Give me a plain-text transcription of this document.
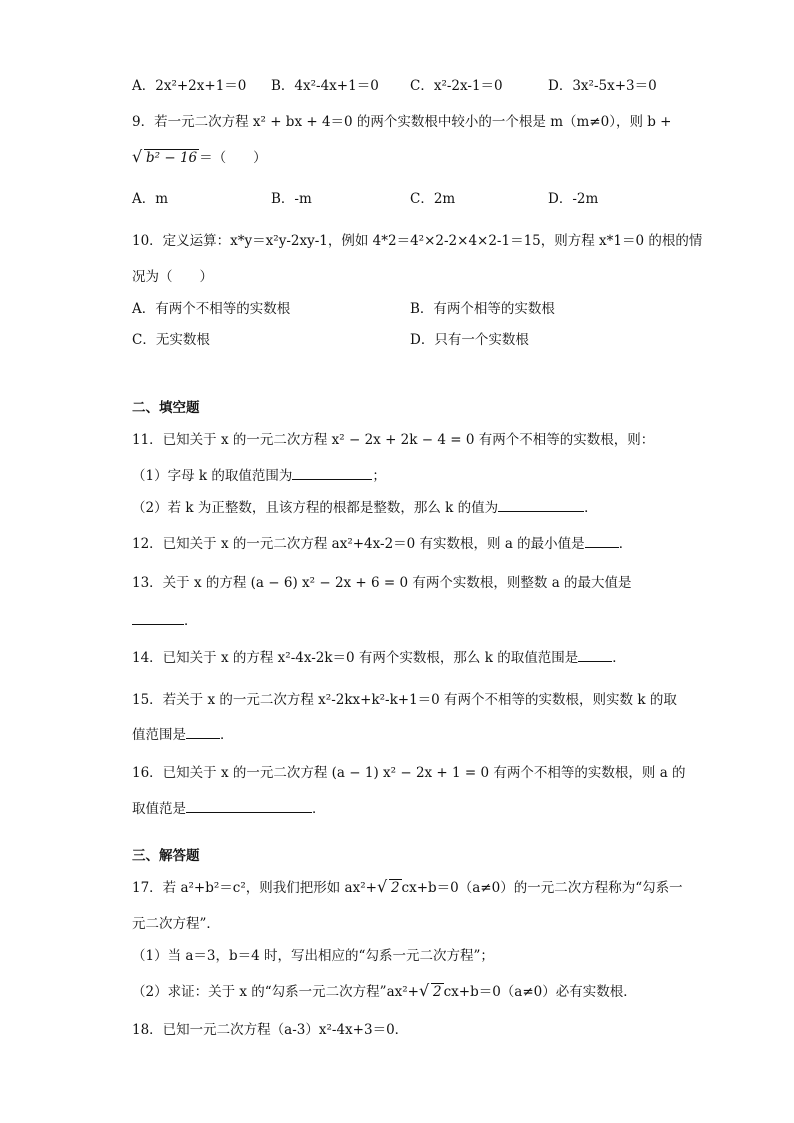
A．2x²+2x+1＝0 B．4x²-4x+1＝0 C．x²-2x-1＝0	D．3x²-5x+3＝0
9．若一元二次方程 x² + bx + 4＝0 的两个实数根中较小的一个根是 m（m≠0），则 b +
√ b² − 16 ＝（　　）
A．m	B．-m	C．2m	D．-2m
10．定义运算：x*y＝x²y-2xy-1，例如 4*2＝4²×2-2×4×2-1＝15，则方程 x*1＝0 的根的情
况为（　　）
A．有两个不相等的实数根	B．有两个相等的实数根
C．无实数根	D．只有一个实数根
二、填空题
11．已知关于 x 的一元二次方程 x² − 2x + 2k − 4 = 0 有两个不相等的实数根，则：
（1）字母 k 的取值范围为	；
（2）若 k 为正整数，且该方程的根都是整数，那么 k 的值为	．
12．已知关于 x 的一元二次方程 ax²+4x-2＝0 有实数根，则 a 的最小值是	．
13．关于 x 的方程 (a − 6) x² − 2x + 6 = 0 有两个实数根，则整数 a 的最大值是
．
14．已知关于 x 的方程 x²-4x-2k＝0 有两个实数根，那么 k 的取值范围是	．
15．若关于 x 的一元二次方程 x²-2kx+k²-k+1＝0 有两个不相等的实数根，则实数 k 的取
值范围是	．
16．已知关于 x 的一元二次方程 (a − 1) x² − 2x + 1 = 0 有两个不相等的实数根，则 a 的
取值范是	．
三、解答题
17．若 a²+b²＝c²，则我们把形如 ax²+ √ 2 cx+b＝0（a≠0）的一元二次方程称为“勾系一
元二次方程”．
（1）当 a＝3，b＝4 时，写出相应的“勾系一元二次方程”；
（2）求证：关于 x 的“勾系一元二次方程”ax²+ √ 2 cx+b＝0（a≠0）必有实数根．
18．已知一元二次方程（a-3）x²-4x+3＝0．
